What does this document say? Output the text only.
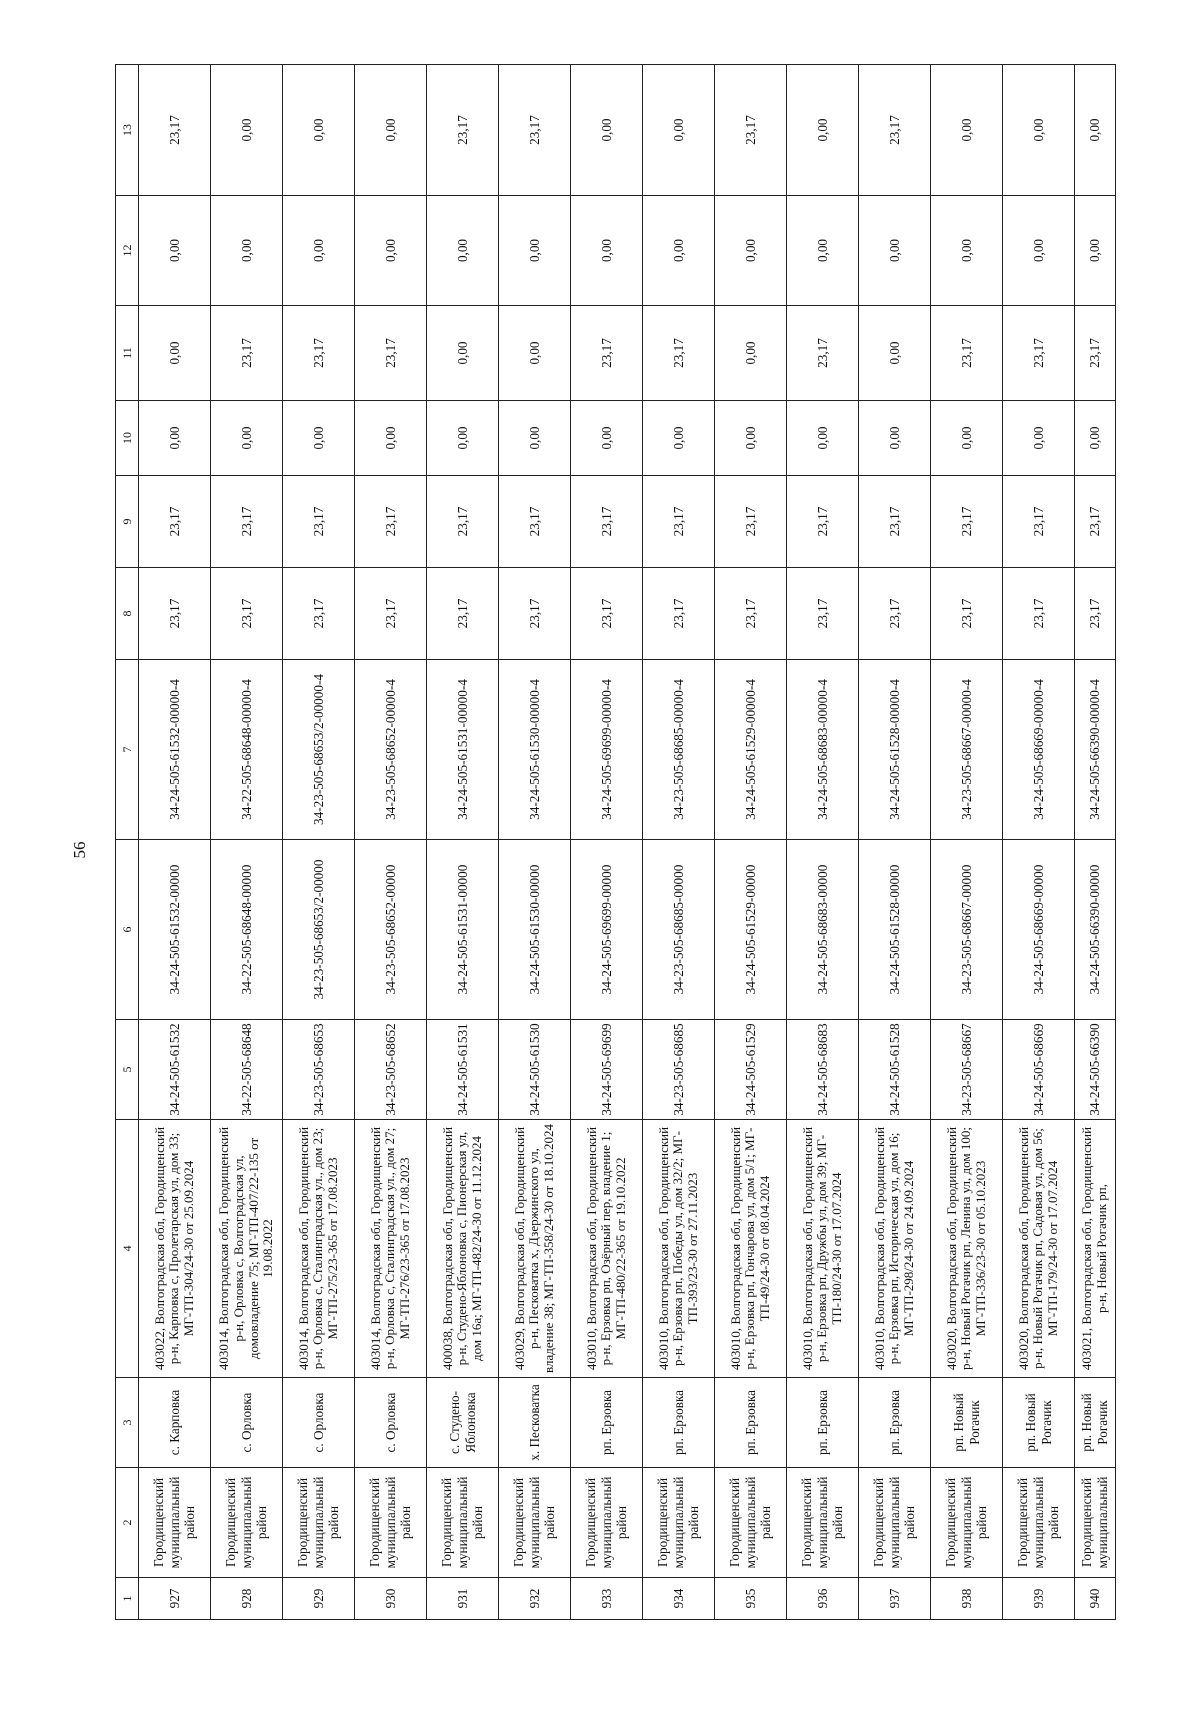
56
1	2	3	4	5	6	7	8	9	10	11	12	13
927	Городищенский муниципальный район	с. Карповка	403022, Волгоградская обл, Городищенский р-н, Карповка с, Пролетарская ул, дом 33; МГ-ТП-304/24-30 от 25.09.2024	34-24-505-61532	34-24-505-61532-00000	34-24-505-61532-00000-4	23,17	23,17	0,00	0,00	0,00	23,17
928	Городищенский муниципальный район	с. Орловка	403014, Волгоградская обл, Городищенский р-н, Орловка с, Волгоградская ул, домовладение 75; МГ-ТП-407/22-135 от 19.08.2022	34-22-505-68648	34-22-505-68648-00000	34-22-505-68648-00000-4	23,17	23,17	0,00	23,17	0,00	0,00
929	Городищенский муниципальный район	с. Орловка	403014, Волгоградская обл, Городищенский р-н, Орловка с, Сталинградская ул., дом 23; МГ-ТП-275/23-365 от 17.08.2023	34-23-505-68653	34-23-505-68653/2-00000	34-23-505-68653/2-00000-4	23,17	23,17	0,00	23,17	0,00	0,00
930	Городищенский муниципальный район	с. Орловка	403014, Волгоградская обл, Городищенский р-н, Орловка с, Сталинградская ул., дом 27; МГ-ТП-276/23-365 от 17.08.2023	34-23-505-68652	34-23-505-68652-00000	34-23-505-68652-00000-4	23,17	23,17	0,00	23,17	0,00	0,00
931	Городищенский муниципальный район	с. Студено-Яблоновка	400038, Волгоградская обл, Городищенский р-н, Студено-Яблоновка с, Пионерская ул, дом 16а; МГ-ТП-482/24-30 от 11.12.2024	34-24-505-61531	34-24-505-61531-00000	34-24-505-61531-00000-4	23,17	23,17	0,00	0,00	0,00	23,17
932	Городищенский муниципальный район	х. Песковатка	403029, Волгоградская обл, Городищенский р-н, Песковатка х, Дзержинского ул, владение 38; МГ-ТП-358/24-30 от 18.10.2024	34-24-505-61530	34-24-505-61530-00000	34-24-505-61530-00000-4	23,17	23,17	0,00	0,00	0,00	23,17
933	Городищенский муниципальный район	рп. Ерзовка	403010, Волгоградская обл, Городищенский р-н, Ерзовка рп, Озёрный пер, владение 1; МГ-ТП-480/22-365 от 19.10.2022	34-24-505-69699	34-24-505-69699-00000	34-24-505-69699-00000-4	23,17	23,17	0,00	23,17	0,00	0,00
934	Городищенский муниципальный район	рп. Ерзовка	403010, Волгоградская обл, Городищенский р-н, Ерзовка рп, Победы ул, дом 32/2; МГ-ТП-393/23-30 от 27.11.2023	34-23-505-68685	34-23-505-68685-00000	34-23-505-68685-00000-4	23,17	23,17	0,00	23,17	0,00	0,00
935	Городищенский муниципальный район	рп. Ерзовка	403010, Волгоградская обл, Городищенский р-н, Ерзовка рп, Гончарова ул, дом 5/1; МГ-ТП-49/24-30 от 08.04.2024	34-24-505-61529	34-24-505-61529-00000	34-24-505-61529-00000-4	23,17	23,17	0,00	0,00	0,00	23,17
936	Городищенский муниципальный район	рп. Ерзовка	403010, Волгоградская обл, Городищенский р-н, Ерзовка рп, Дружбы ул, дом 39; МГ-ТП-180/24-30 от 17.07.2024	34-24-505-68683	34-24-505-68683-00000	34-24-505-68683-00000-4	23,17	23,17	0,00	23,17	0,00	0,00
937	Городищенский муниципальный район	рп. Ерзовка	403010, Волгоградская обл, Городищенский р-н, Ерзовка рп, Историческая ул, дом 16; МГ-ТП-298/24-30 от 24.09.2024	34-24-505-61528	34-24-505-61528-00000	34-24-505-61528-00000-4	23,17	23,17	0,00	0,00	0,00	23,17
938	Городищенский муниципальный район	рп. Новый Рогачик	403020, Волгоградская обл, Городищенский р-н, Новый Рогачик рп, Ленина ул, дом 100; МГ-ТП-336/23-30 от 05.10.2023	34-23-505-68667	34-23-505-68667-00000	34-23-505-68667-00000-4	23,17	23,17	0,00	23,17	0,00	0,00
939	Городищенский муниципальный район	рп. Новый Рогачик	403020, Волгоградская обл, Городищенский р-н, Новый Рогачик рп, Садовая ул, дом 56; МГ-ТП-179/24-30 от 17.07.2024	34-24-505-68669	34-24-505-68669-00000	34-24-505-68669-00000-4	23,17	23,17	0,00	23,17	0,00	0,00
940	Городищенский муниципальный	рп. Новый Рогачик	403021, Волгоградская обл, Городищенский р-н, Новый Рогачик рп,	34-24-505-66390	34-24-505-66390-00000	34-24-505-66390-00000-4	23,17	23,17	0,00	23,17	0,00	0,00
